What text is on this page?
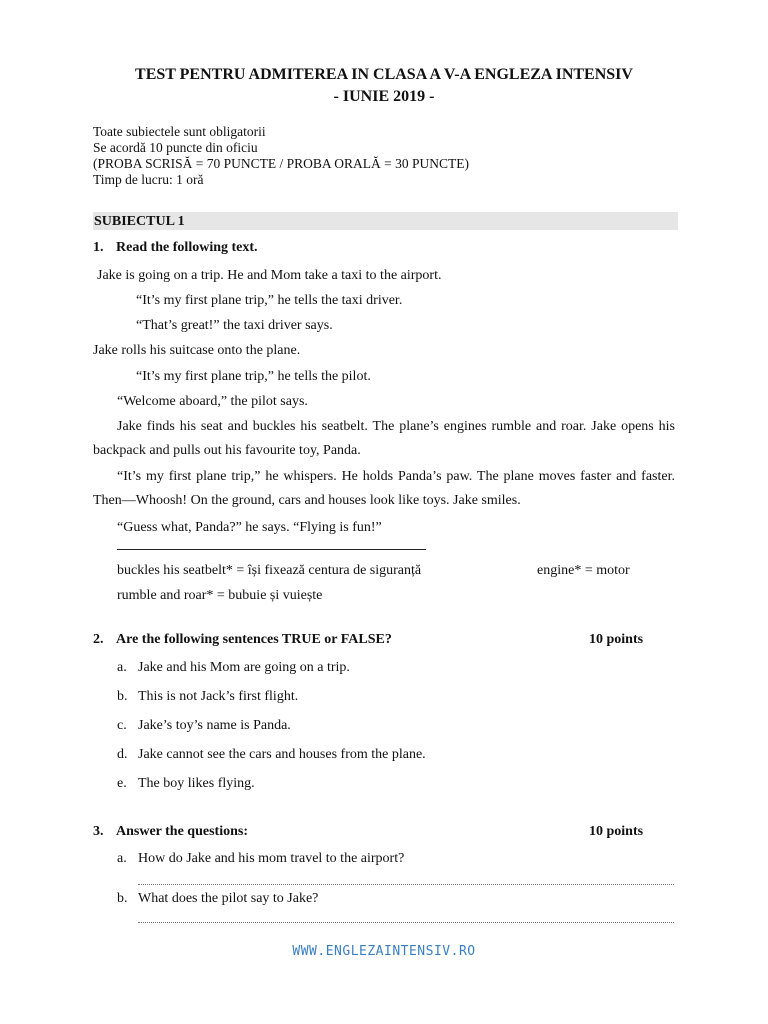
TEST PENTRU ADMITEREA IN CLASA A V-A ENGLEZA INTENSIV
- IUNIE 2019 -
Toate subiectele sunt obligatorii
Se acordă 10 puncte din oficiu
(PROBA SCRISĂ = 70 PUNCTE / PROBA ORALĂ = 30 PUNCTE)
Timp de lucru: 1 oră
SUBIECTUL 1
1. Read the following text.
Jake is going on a trip. He and Mom take a taxi to the airport.
“It’s my first plane trip,” he tells the taxi driver.
“That’s great!” the taxi driver says.
Jake rolls his suitcase onto the plane.
“It’s my first plane trip,” he tells the pilot.
“Welcome aboard,” the pilot says.
Jake finds his seat and buckles his seatbelt. The plane’s engines rumble and roar. Jake opens his backpack and pulls out his favourite toy, Panda.
“It’s my first plane trip,” he whispers. He holds Panda’s paw. The plane moves faster and faster. Then—Whoosh! On the ground, cars and houses look like toys. Jake smiles.
“Guess what, Panda?” he says. “Flying is fun!”
buckles his seatbelt* = își fixează centura de siguranță	engine* = motor
rumble and roar* = bubuie și vuiește
2. Are the following sentences TRUE or FALSE?	10 points
a. Jake and his Mom are going on a trip.
b. This is not Jack’s first flight.
c. Jake’s toy’s name is Panda.
d. Jake cannot see the cars and houses from the plane.
e. The boy likes flying.
3. Answer the questions:	10 points
a. How do Jake and his mom travel to the airport?
b. What does the pilot say to Jake?
WWW.ENGLEZAINTENSIV.RO
